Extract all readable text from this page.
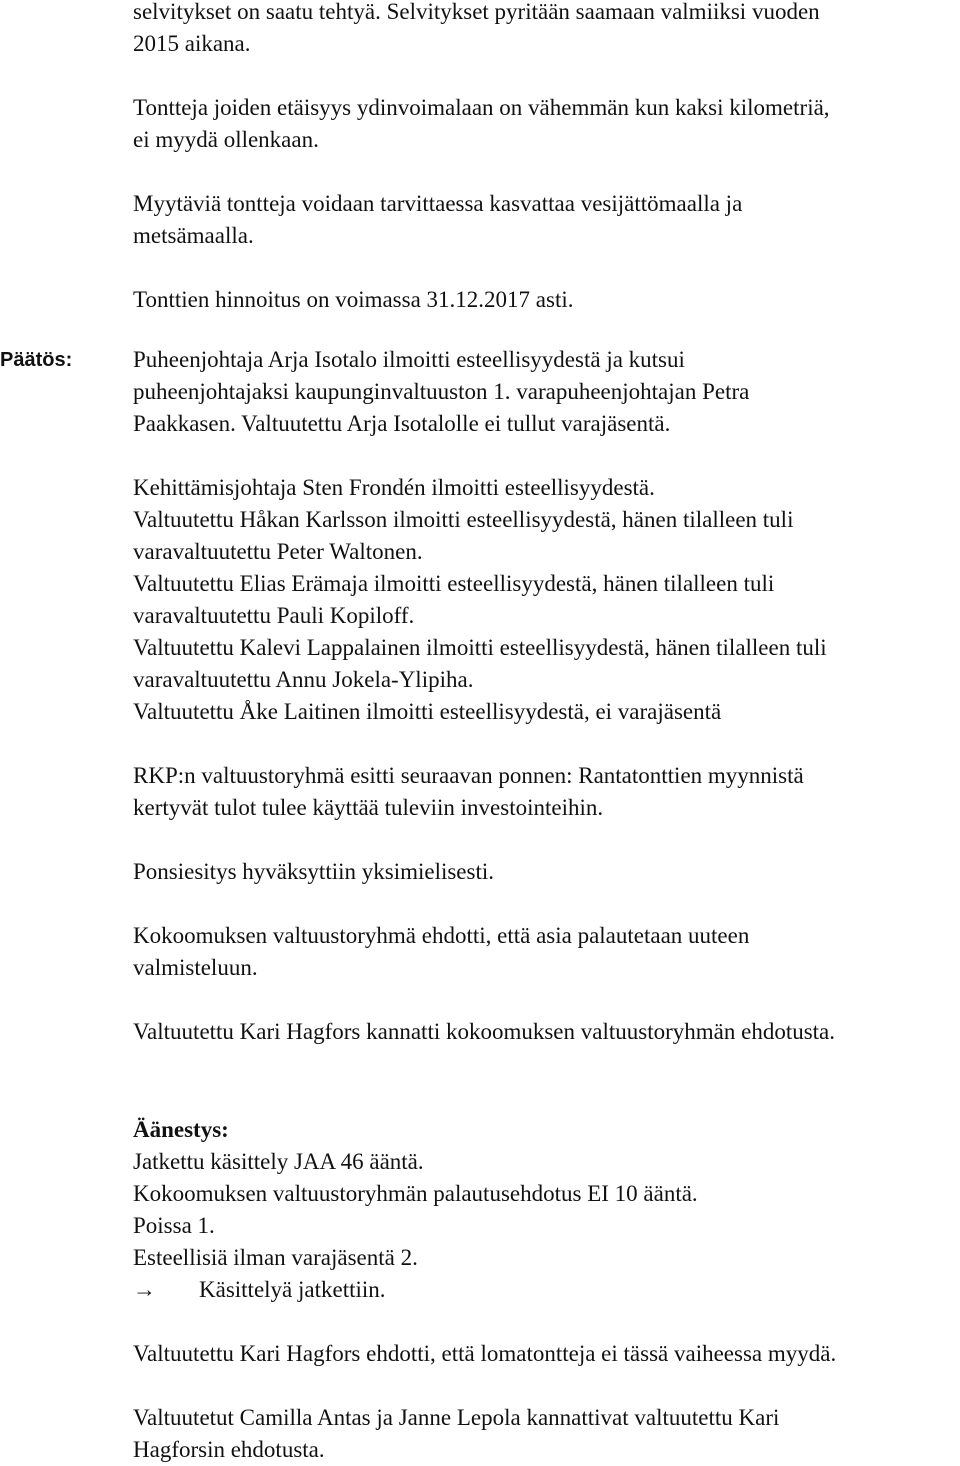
selvitykset on saatu tehtyä. Selvitykset pyritään saamaan valmiiksi vuoden
2015 aikana.
Tontteja joiden etäisyys ydinvoimalaan on vähemmän kun kaksi kilometriä,
ei myydä ollenkaan.
Myytäviä tontteja voidaan tarvittaessa kasvattaa vesijättömaalla ja
metsämaalla.
Tonttien hinnoitus on voimassa 31.12.2017 asti.
Päätös:	Puheenjohtaja Arja Isotalo ilmoitti esteellisyydestä ja kutsui
puheenjohtajaksi kaupunginvaltuuston 1. varapuheenjohtajan Petra
Paakkasen. Valtuutettu Arja Isotalolle ei tullut varajäsentä.
Kehittämisjohtaja Sten Frondén ilmoitti esteellisyydestä.
Valtuutettu Håkan Karlsson ilmoitti esteellisyydestä, hänen tilalleen tuli
varavaltuutettu Peter Waltonen.
Valtuutettu Elias Erämaja ilmoitti esteellisyydestä, hänen tilalleen tuli
varavaltuutettu Pauli Kopiloff.
Valtuutettu Kalevi Lappalainen ilmoitti esteellisyydestä, hänen tilalleen tuli
varavaltuutettu Annu Jokela-Ylipiha.
Valtuutettu Åke Laitinen ilmoitti esteellisyydestä, ei varajäsentä
RKP:n valtuustoryhmä esitti seuraavan ponnen: Rantatonttien myynnistä
kertyvät tulot tulee käyttää tuleviin investointeihin.
Ponsiesitys hyväksyttiin yksimielisesti.
Kokoomuksen valtuustoryhmä ehdotti, että asia palautetaan uuteen
valmisteluun.
Valtuutettu Kari Hagfors kannatti kokoomuksen valtuustoryhmän ehdotusta.
Äänestys:
Jatkettu käsittely JAA 46 ääntä.
Kokoomuksen valtuustoryhmän palautusehdotus EI 10 ääntä.
Poissa 1.
Esteellisiä ilman varajäsentä 2.
→ Käsittelyä jatkettiin.
Valtuutettu Kari Hagfors ehdotti, että lomatontteja ei tässä vaiheessa myydä.
Valtuutetut Camilla Antas ja Janne Lepola kannattivat valtuutettu Kari
Hagforsin ehdotusta.
